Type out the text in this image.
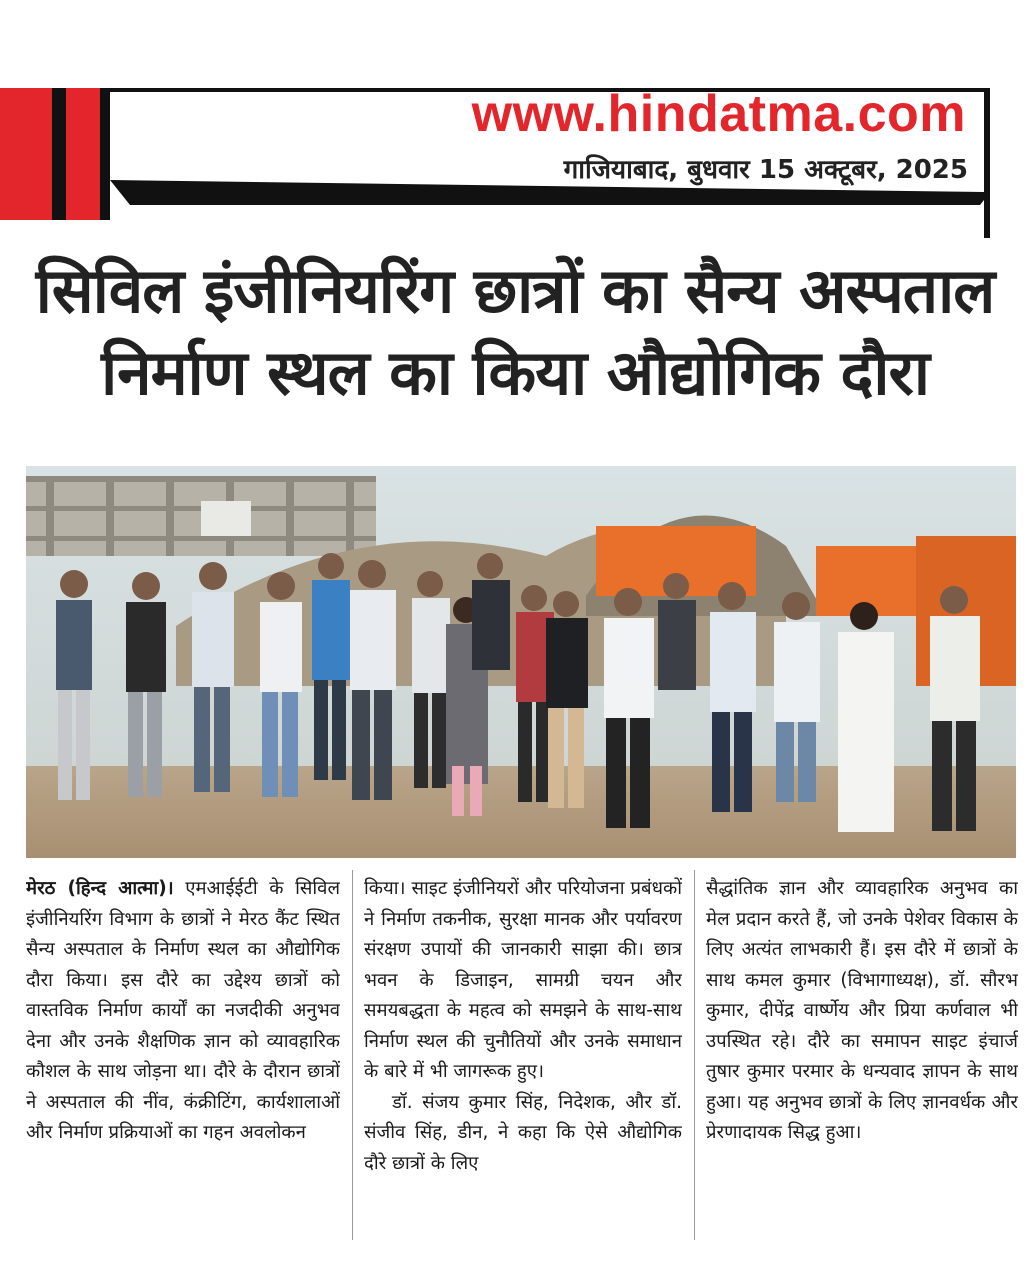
www.hindatma.com
गाजियाबाद, बुधवार 15 अक्टूबर, 2025
सिविल इंजीनियरिंग छात्रों का सैन्य अस्पताल
निर्माण स्थल का किया औद्योगिक दौरा

मेरठ (हिन्द आत्मा)। एमआईईटी के सिविल इंजीनियरिंग विभाग के छात्रों ने मेरठ कैंट स्थित सैन्य अस्पताल के निर्माण स्थल का औद्योगिक दौरा किया। इस दौरे का उद्देश्य छात्रों को वास्तविक निर्माण कार्यों का नजदीकी अनुभव देना और उनके शैक्षणिक ज्ञान को व्यावहारिक कौशल के साथ जोड़ना था। दौरे के दौरान छात्रों ने अस्पताल की नींव, कंक्रीटिंग, कार्यशालाओं और निर्माण प्रक्रियाओं का गहन अवलोकन

किया। साइट इंजीनियरों और परियोजना प्रबंधकों ने निर्माण तकनीक, सुरक्षा मानक और पर्यावरण संरक्षण उपायों की जानकारी साझा की। छात्र भवन के डिजाइन, सामग्री चयन और समयबद्धता के महत्व को समझने के साथ-साथ निर्माण स्थल की चुनौतियों और उनके समाधान के बारे में भी जागरूक हुए।

डॉ. संजय कुमार सिंह, निदेशक, और डॉ. संजीव सिंह, डीन, ने कहा कि ऐसे औद्योगिक दौरे छात्रों के लिए

सैद्धांतिक ज्ञान और व्यावहारिक अनुभव का मेल प्रदान करते हैं, जो उनके पेशेवर विकास के लिए अत्यंत लाभकारी हैं। इस दौरे में छात्रों के साथ कमल कुमार (विभागाध्यक्ष), डॉ. सौरभ कुमार, दीपेंद्र वार्ष्णेय और प्रिया कर्णवाल भी उपस्थित रहे। दौरे का समापन साइट इंचार्ज तुषार कुमार परमार के धन्यवाद ज्ञापन के साथ हुआ। यह अनुभव छात्रों के लिए ज्ञानवर्धक और प्रेरणादायक सिद्ध हुआ।
